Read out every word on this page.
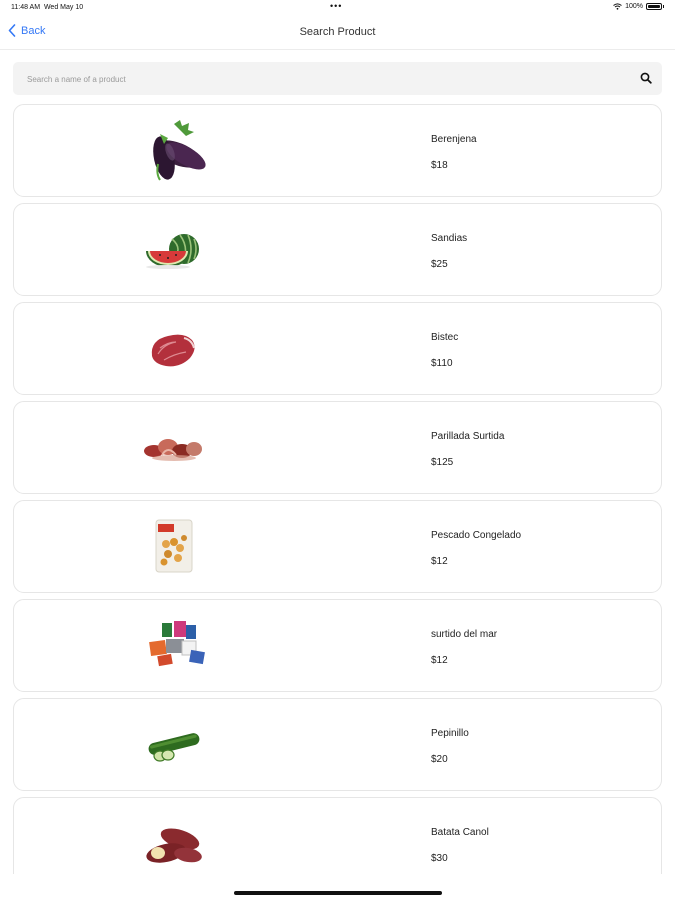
11:48 AM Wed May 10	•••	100%
Back	Search Product
Search a name of a product
Berenjena
$18
Sandias
$25
Bistec
$110
Parillada Surtida
$125
Pescado Congelado
$12
surtido del mar
$12
Pepinillo
$20
Batata Canol
$30
